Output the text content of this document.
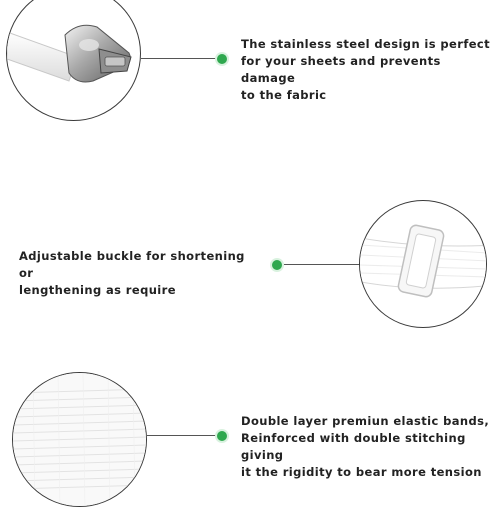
The stainless steel design is perfect
for your sheets and prevents damage
to the fabric
Adjustable buckle for shortening or
lengthening as require
Double layer premiun elastic bands,
Reinforced with double stitching giving
it the rigidity to bear more tension
